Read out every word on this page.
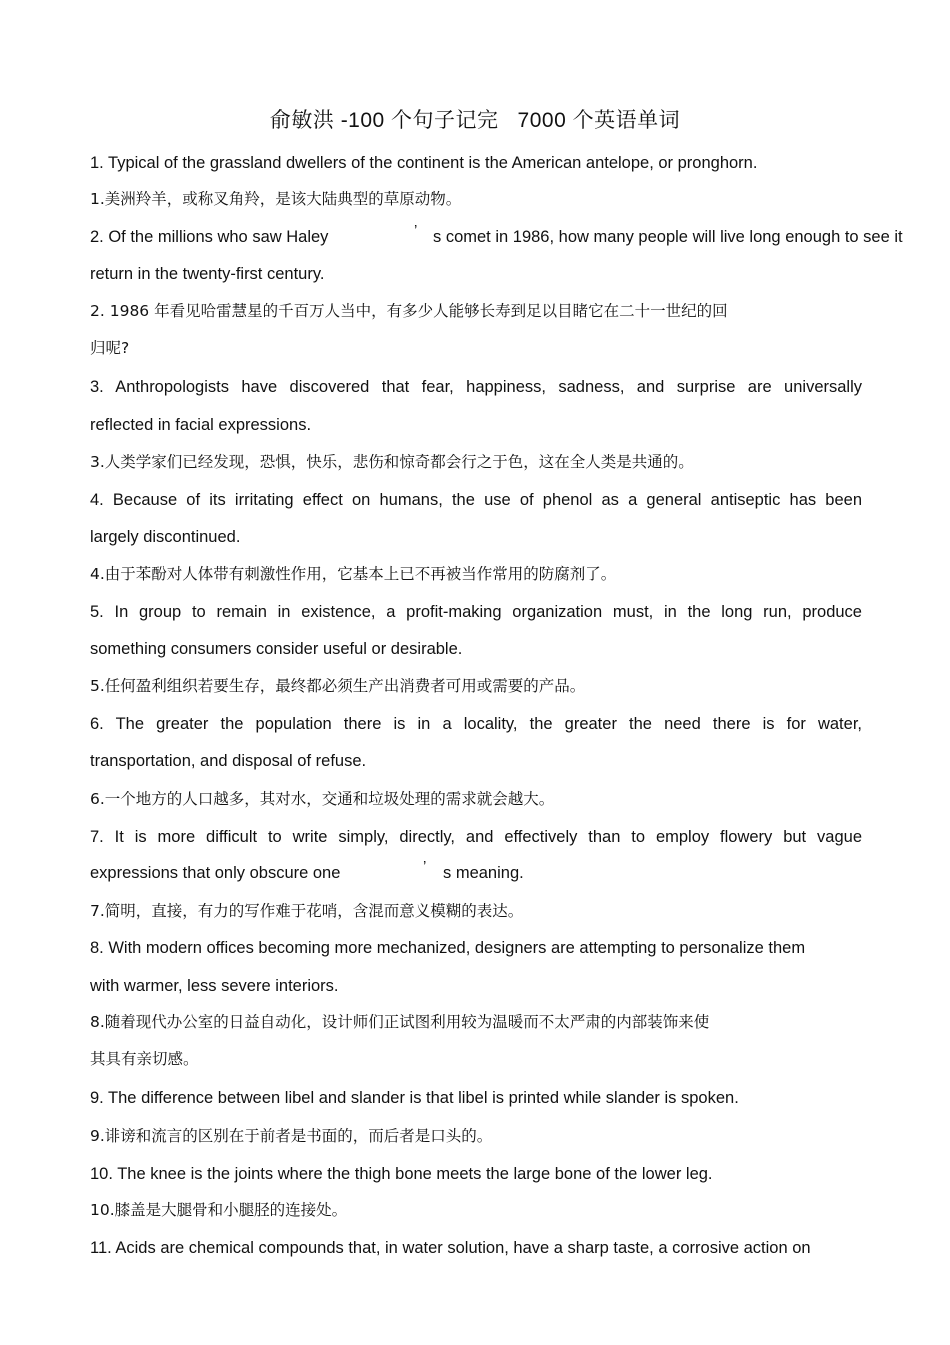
俞敏洪 -100 个句子记完   7000 个英语单词
1. Typical of the grassland dwellers of the continent is the American antelope, or pronghorn.
1.美洲羚羊，或称叉角羚，是该大陆典型的草原动物。
2. Of the millions who saw Haley	’ s comet in 1986, how many people will live long enough to see it
return in the twenty-first century.
2. 1986 年看见哈雷慧星的千百万人当中，有多少人能够长寿到足以目睹它在二十一世纪的回
归呢?
3. Anthropologists have discovered that fear, happiness, sadness, and surprise are universally
reflected in facial expressions.
3.人类学家们已经发现，恐惧，快乐，悲伤和惊奇都会行之于色，这在全人类是共通的。
4. Because of its irritating effect on humans, the use of phenol as a general antiseptic has been
largely discontinued.
4.由于苯酚对人体带有刺激性作用，它基本上已不再被当作常用的防腐剂了。
5. In group to remain in existence, a profit-making organization must, in the long run, produce
something consumers consider useful or desirable.
5.任何盈利组织若要生存，最终都必须生产出消费者可用或需要的产品。
6. The greater the population there is in a locality, the greater the need there is for water,
transportation, and disposal of refuse.
6.一个地方的人口越多，其对水，交通和垃圾处理的需求就会越大。
7. It is more difficult to write simply, directly, and effectively than to employ flowery but vague
expressions that only obscure one	’ s meaning.
7.简明，直接，有力的写作难于花哨，含混而意义模糊的表达。
8. With modern offices becoming more mechanized, designers are attempting to personalize them
with warmer, less severe interiors.
8.随着现代办公室的日益自动化，设计师们正试图利用较为温暖而不太严肃的内部装饰来使
其具有亲切感。
9. The difference between libel and slander is that libel is printed while slander is spoken.
9.诽谤和流言的区别在于前者是书面的，而后者是口头的。
10. The knee is the joints where the thigh bone meets the large bone of the lower leg.
10.膝盖是大腿骨和小腿胫的连接处。
11. Acids are chemical compounds that, in water solution, have a sharp taste, a corrosive action on
